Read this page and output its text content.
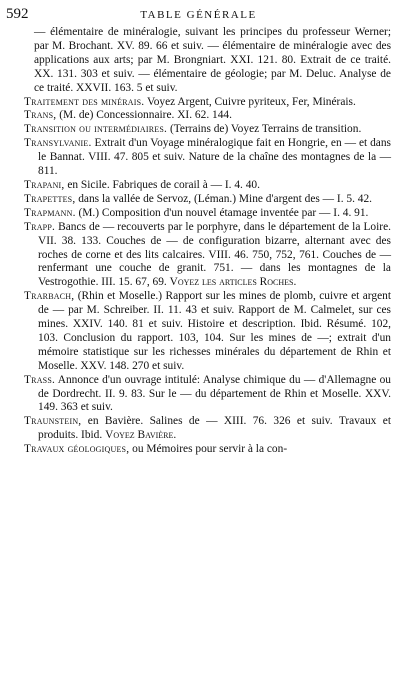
592	TABLE GÉNÉRALE

— élémentaire de minéralogie, suivant les principes du professeur Werner; par M. Brochant. XV. 89. 66 et suiv. — élémentaire de minéralogie avec des applications aux arts; par M. Brongniart. XXI. 121. 80. Extrait de ce traité. XX. 131. 303 et suiv. — élémentaire de géologie; par M. Deluc. Analyse de ce traité. XXVII. 163. 5 et suiv.

Traitement des minérais. Voyez Argent, Cuivre pyriteux, Fer, Minérais.

Trans, (M. de) Concessionnaire. XI. 62. 144.

Transition ou intermédiaires. (Terrains de) Voyez Terrains de transition.

Transylvanie. Extrait d'un Voyage minéralogique fait en Hongrie, en — et dans le Bannat. VIII. 47. 805 et suiv. Nature de la chaîne des montagnes de la — 811.

Trapani, en Sicile. Fabriques de corail à — I. 4. 40.

Trapettes, dans la vallée de Servoz, (Léman.) Mine d'argent des — I. 5. 42.

Trapmann. (M.) Composition d'un nouvel étamage inventée par — I. 4. 91.

Trapp. Bancs de — recouverts par le porphyre, dans le département de la Loire. VII. 38. 133. Couches de — de configuration bizarre, alternant avec des roches de corne et des lits calcaires. VIII. 46. 750, 752, 761. Couches de — renfermant une couche de granit. 751. — dans les montagnes de la Vestrogothie. III. 15. 67, 69. Voyez les articles Roches.

Trarbach, (Rhin et Moselle.) Rapport sur les mines de plomb, cuivre et argent de — par M. Schreiber. II. 11. 43 et suiv. Rapport de M. Calmelet, sur ces mines. XXIV. 140. 81 et suiv. Histoire et description. Ibid. Résumé. 102, 103. Conclusion du rapport. 103, 104. Sur les mines de —; extrait d'un mémoire statistique sur les richesses minérales du département de Rhin et Moselle. XXV. 148. 270 et suiv.

Trass. Annonce d'un ouvrage intitulé: Analyse chimique du — d'Allemagne ou de Dordrecht. II. 9. 83. Sur le — du département de Rhin et Moselle. XXV. 149. 363 et suiv.

Traunstein, en Bavière. Salines de — XIII. 76. 326 et suiv. Travaux et produits. Ibid. Voyez Bavière.

Travaux géologiques, ou Mémoires pour servir à la con-
